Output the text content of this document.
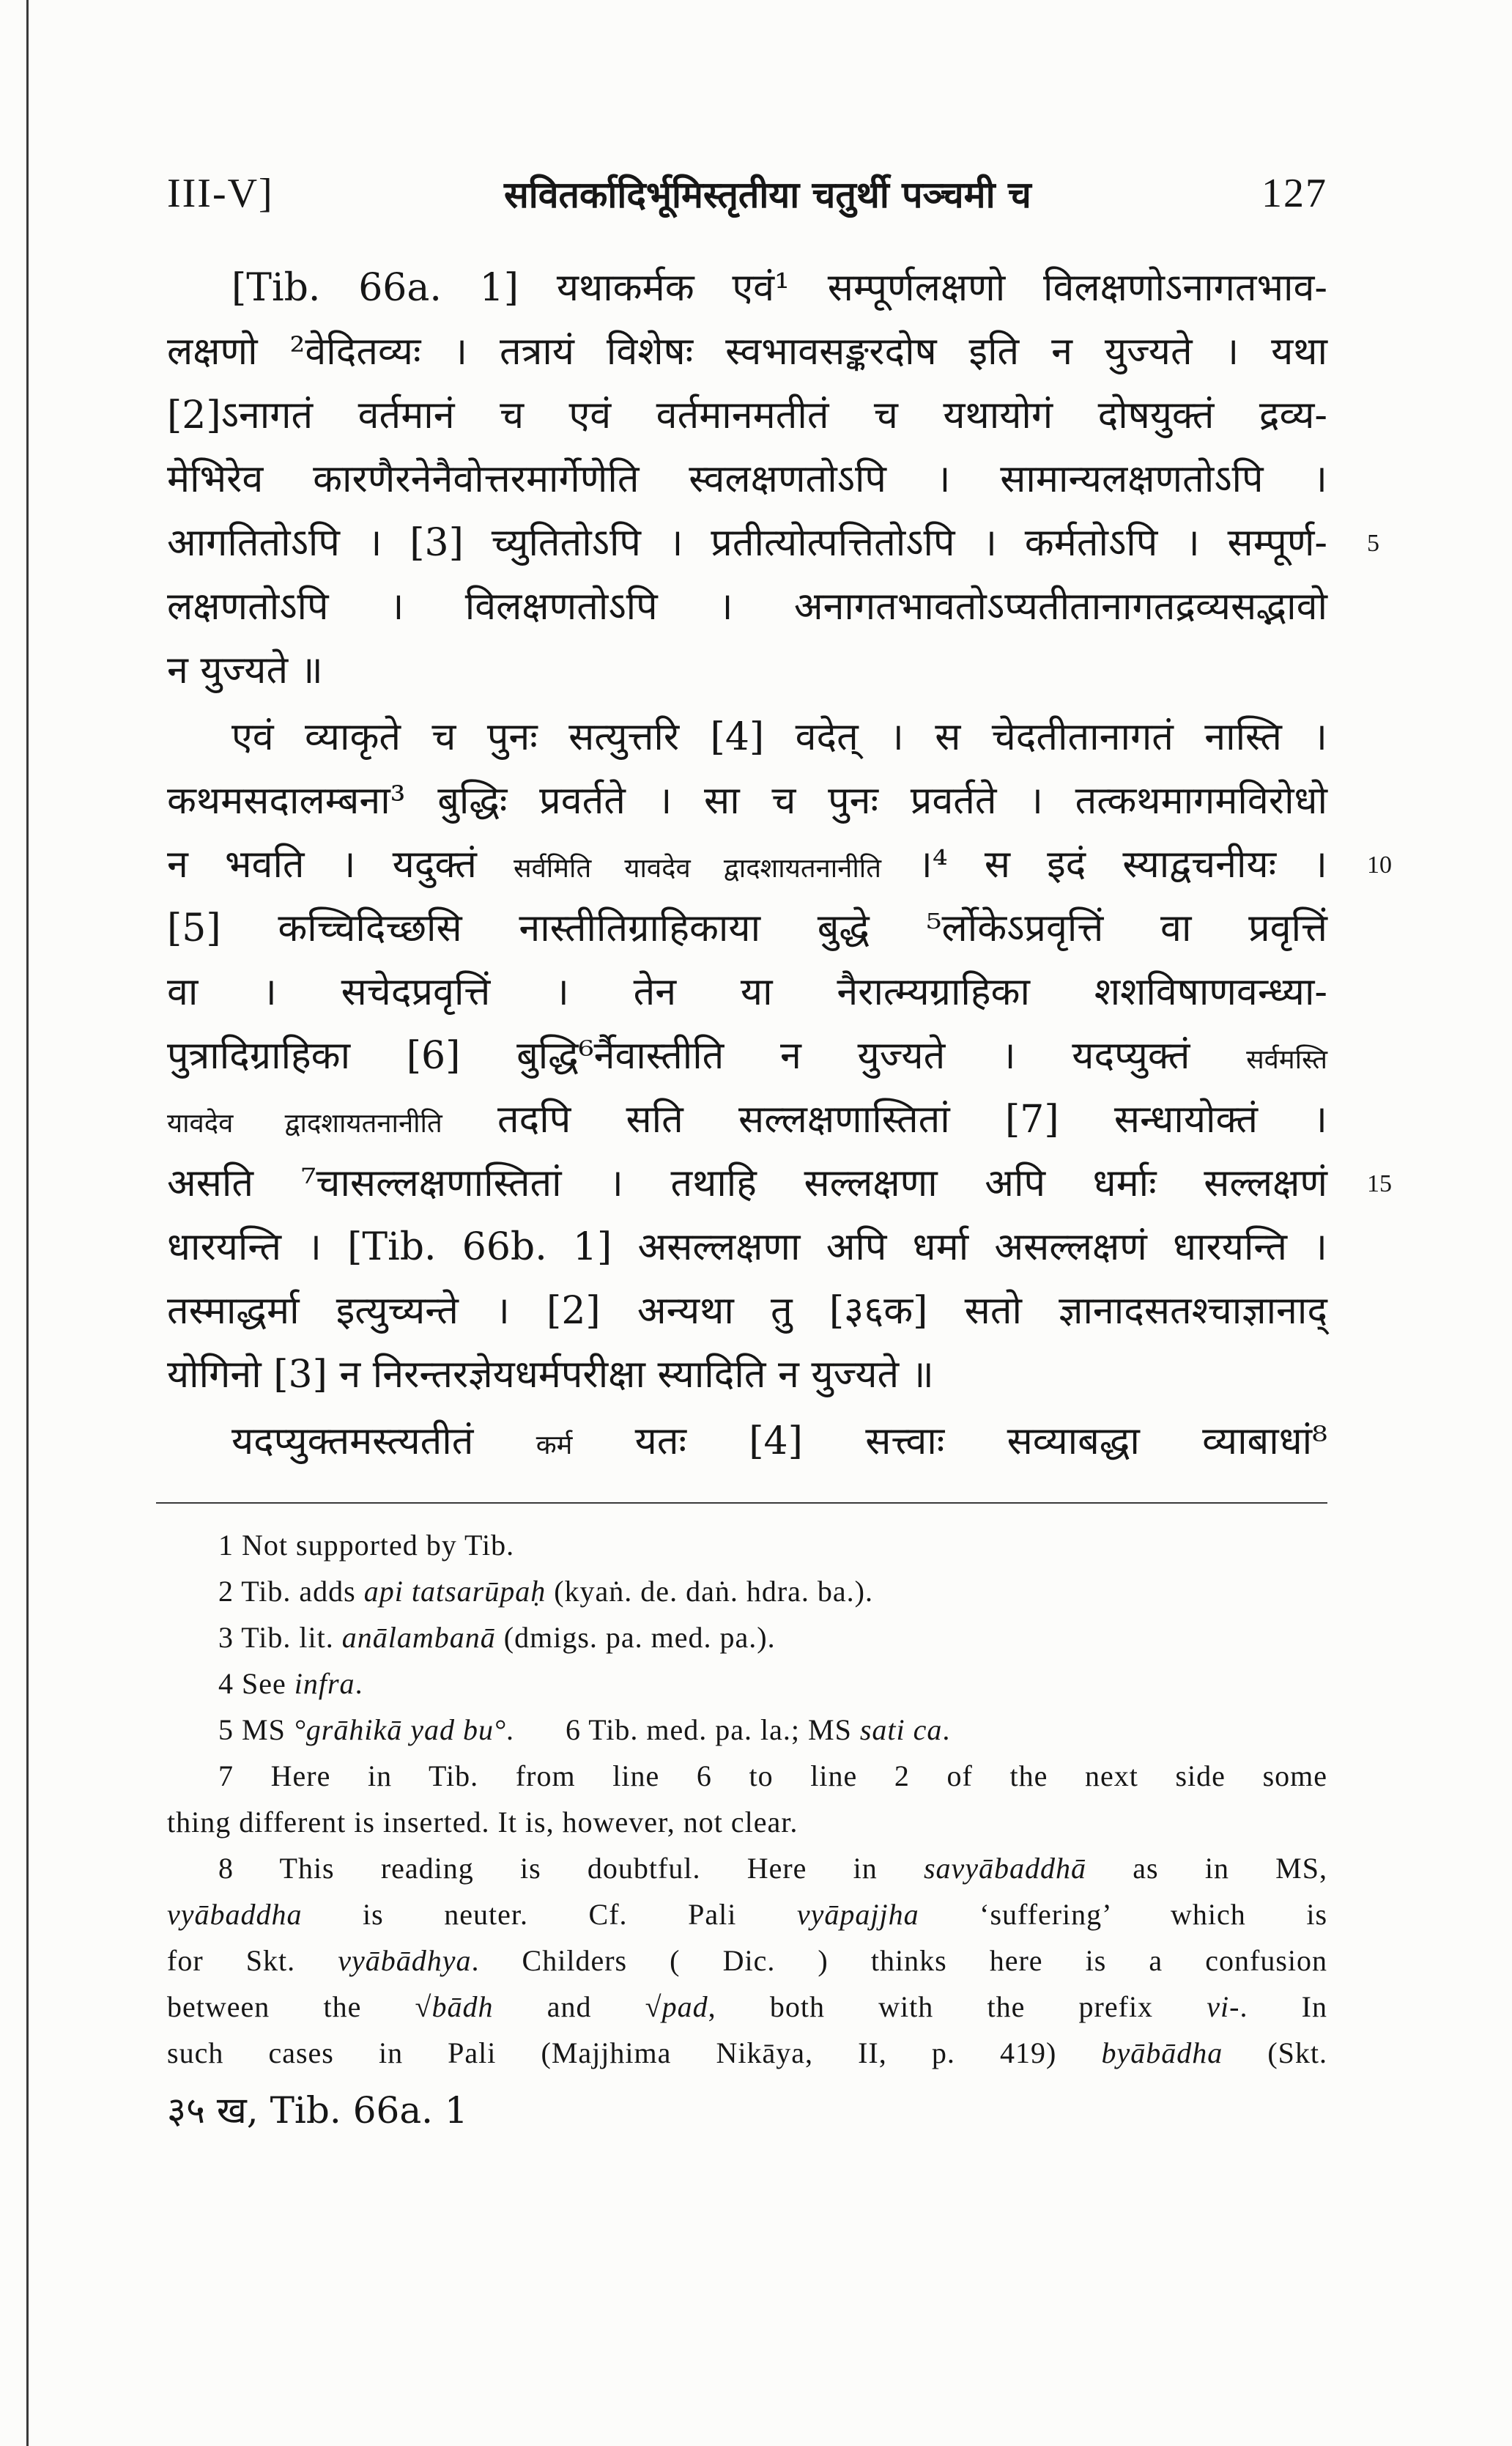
III-V]	सवितर्कादिर्भूमिस्तृतीया चतुर्थी पञ्चमी च	127
[Tib. 66a. 1] यथाकर्मक एवं¹ सम्पूर्णलक्षणो विलक्षणोऽनागतभाव-
लक्षणो ²वेदितव्यः । तत्रायं विशेषः स्वभावसङ्करदोष इति न युज्यते । यथा
[2]ऽनागतं वर्तमानं च एवं वर्तमानमतीतं च यथायोगं दोषयुक्तं द्रव्य-
मेभिरेव कारणैरनेनैवोत्तरमार्गेणेति स्वलक्षणतोऽपि । सामान्यलक्षणतोऽपि ।
आगतितोऽपि । [3] च्युतितोऽपि । प्रतीत्योत्पत्तितोऽपि । कर्मतोऽपि । सम्पूर्ण- 5
लक्षणतोऽपि । विलक्षणतोऽपि । अनागतभावतोऽप्यतीतानागतद्रव्यसद्भावो
न युज्यते ॥
एवं व्याकृते च पुनः सत्युत्तरि [4] वदेत् । स चेदतीतानागतं नास्ति ।
कथमसदालम्बना³ बुद्धिः प्रवर्तते । सा च पुनः प्रवर्तते । तत्कथमागमविरोधो
न भवति । यदुक्तं सर्वमिति यावदेव द्वादशायतनानीति ।⁴ स इदं स्याद्वचनीयः । 10
[5] कच्चिदिच्छसि नास्तीतिग्राहिकाया बुद्धे ⁵र्लोकेऽप्रवृत्तिं वा प्रवृत्तिं
वा । सचेदप्रवृत्तिं । तेन या नैरात्म्यग्राहिका शशविषाणवन्ध्या-
पुत्रादिग्राहिका [6] बुद्धि⁶र्नैवास्तीति न युज्यते । यदप्युक्तं सर्वमस्ति
यावदेव द्वादशायतनानीति तदपि सति सल्लक्षणास्तितां [7] सन्धायोक्तं ।
असति ⁷चासल्लक्षणास्तितां । तथाहि सल्लक्षणा अपि धर्माः सल्लक्षणं 15
धारयन्ति । [Tib. 66b. 1] असल्लक्षणा अपि धर्मा असल्लक्षणं धारयन्ति ।
तस्माद्धर्मा इत्युच्यन्ते । [2] अन्यथा तु [३६क] सतो ज्ञानादसतश्चाज्ञानाद्
योगिनो [3] न निरन्तरज्ञेयधर्मपरीक्षा स्यादिति न युज्यते ॥
यदप्युक्तमस्त्यतीतं कर्म यतः [4] सत्त्वाः सव्याबद्धा व्याबाधां⁸
1 Not supported by Tib.
2 Tib. adds api tatsarūpaḥ (kyaṅ. de. daṅ. hdra. ba.).
3 Tib. lit. anālambanā (dmigs. pa. med. pa.).
4 See infra.
5 MS °grāhikā yad bu°. 6 Tib. med. pa. la.; MS sati ca.
7 Here in Tib. from line 6 to line 2 of the next side some
thing different is inserted. It is, however, not clear.
8 This reading is doubtful. Here in savyābaddhā as in MS,
vyābaddha is neuter. Cf. Pali vyāpajjha ‘suffering’ which is
for Skt. vyābādhya. Childers ( Dic. ) thinks here is a confusion
between the √bādh and √pad, both with the prefix vi-. In
such cases in Pali (Majjhima Nikāya, II, p. 419) byābādha (Skt.
३५ ख, Tib. 66a. 1
